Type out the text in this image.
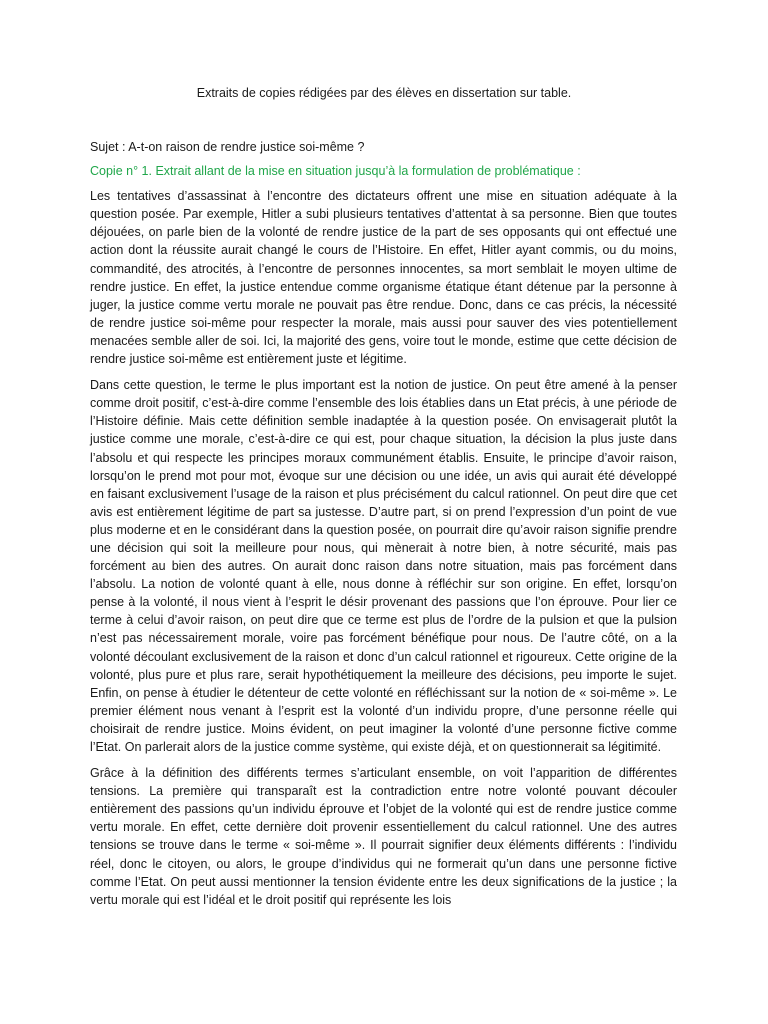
Extraits de copies rédigées par des élèves en dissertation sur table.

Sujet : A-t-on raison de rendre justice soi-même ?

Copie n° 1. Extrait allant de la mise en situation jusqu’à la formulation de problématique :

Les tentatives d’assassinat à l’encontre des dictateurs offrent une mise en situation adéquate à la question posée. Par exemple, Hitler a subi plusieurs tentatives d’attentat à sa personne. Bien que toutes déjouées, on parle bien de la volonté de rendre justice de la part de ses opposants qui ont effectué une action dont la réussite aurait changé le cours de l’Histoire. En effet, Hitler ayant commis, ou du moins, commandité, des atrocités, à l’encontre de personnes innocentes, sa mort semblait le moyen ultime de rendre justice. En effet, la justice entendue comme organisme étatique étant détenue par la personne à juger, la justice comme vertu morale ne pouvait pas être rendue. Donc, dans ce cas précis, la nécessité de rendre justice soi-même pour respecter la morale, mais aussi pour sauver des vies potentiellement menacées semble aller de soi. Ici, la majorité des gens, voire tout le monde, estime que cette décision de rendre justice soi-même est entièrement juste et légitime.

Dans cette question, le terme le plus important est la notion de justice. On peut être amené à la penser comme droit positif, c’est-à-dire comme l’ensemble des lois établies dans un Etat précis, à une période de l’Histoire définie. Mais cette définition semble inadaptée à la question posée. On envisagerait plutôt la justice comme une morale, c’est-à-dire ce qui est, pour chaque situation, la décision la plus juste dans l’absolu et qui respecte les principes moraux communément établis. Ensuite, le principe d’avoir raison, lorsqu’on le prend mot pour mot, évoque sur une décision ou une idée, un avis qui aurait été développé en faisant exclusivement l’usage de la raison et plus précisément du calcul rationnel. On peut dire que cet avis est entièrement légitime de part sa justesse. D’autre part, si on prend l’expression d’un point de vue plus moderne et en le considérant dans la question posée, on pourrait dire qu’avoir raison signifie prendre une décision qui soit la meilleure pour nous, qui mènerait à notre bien, à notre sécurité, mais pas forcément au bien des autres. On aurait donc raison dans notre situation, mais pas forcément dans l’absolu. La notion de volonté quant à elle, nous donne à réfléchir sur son origine. En effet, lorsqu’on pense à la volonté, il nous vient à l’esprit le désir provenant des passions que l’on éprouve. Pour lier ce terme à celui d’avoir raison, on peut dire que ce terme est plus de l’ordre de la pulsion et que la pulsion n’est pas nécessairement morale, voire pas forcément bénéfique pour nous. De l’autre côté, on a la volonté découlant exclusivement de la raison et donc d’un calcul rationnel et rigoureux. Cette origine de la volonté, plus pure et plus rare, serait hypothétiquement la meilleure des décisions, peu importe le sujet. Enfin, on pense à étudier le détenteur de cette volonté en réfléchissant sur la notion de « soi-même ». Le premier élément nous venant à l’esprit est la volonté d’un individu propre, d’une personne réelle qui choisirait de rendre justice. Moins évident, on peut imaginer la volonté d’une personne fictive comme l’Etat. On parlerait alors de la justice comme système, qui existe déjà, et on questionnerait sa légitimité.

Grâce à la définition des différents termes s’articulant ensemble, on voit l’apparition de différentes tensions. La première qui transparaît est la contradiction entre notre volonté pouvant découler entièrement des passions qu’un individu éprouve et l’objet de la volonté qui est de rendre justice comme vertu morale. En effet, cette dernière doit provenir essentiellement du calcul rationnel. Une des autres tensions se trouve dans le terme « soi-même ». Il pourrait signifier deux éléments différents : l’individu réel, donc le citoyen, ou alors, le groupe d’individus qui ne formerait qu’un dans une personne fictive comme l’Etat. On peut aussi mentionner la tension évidente entre les deux significations de la justice ; la vertu morale qui est l’idéal et le droit positif qui représente les lois
